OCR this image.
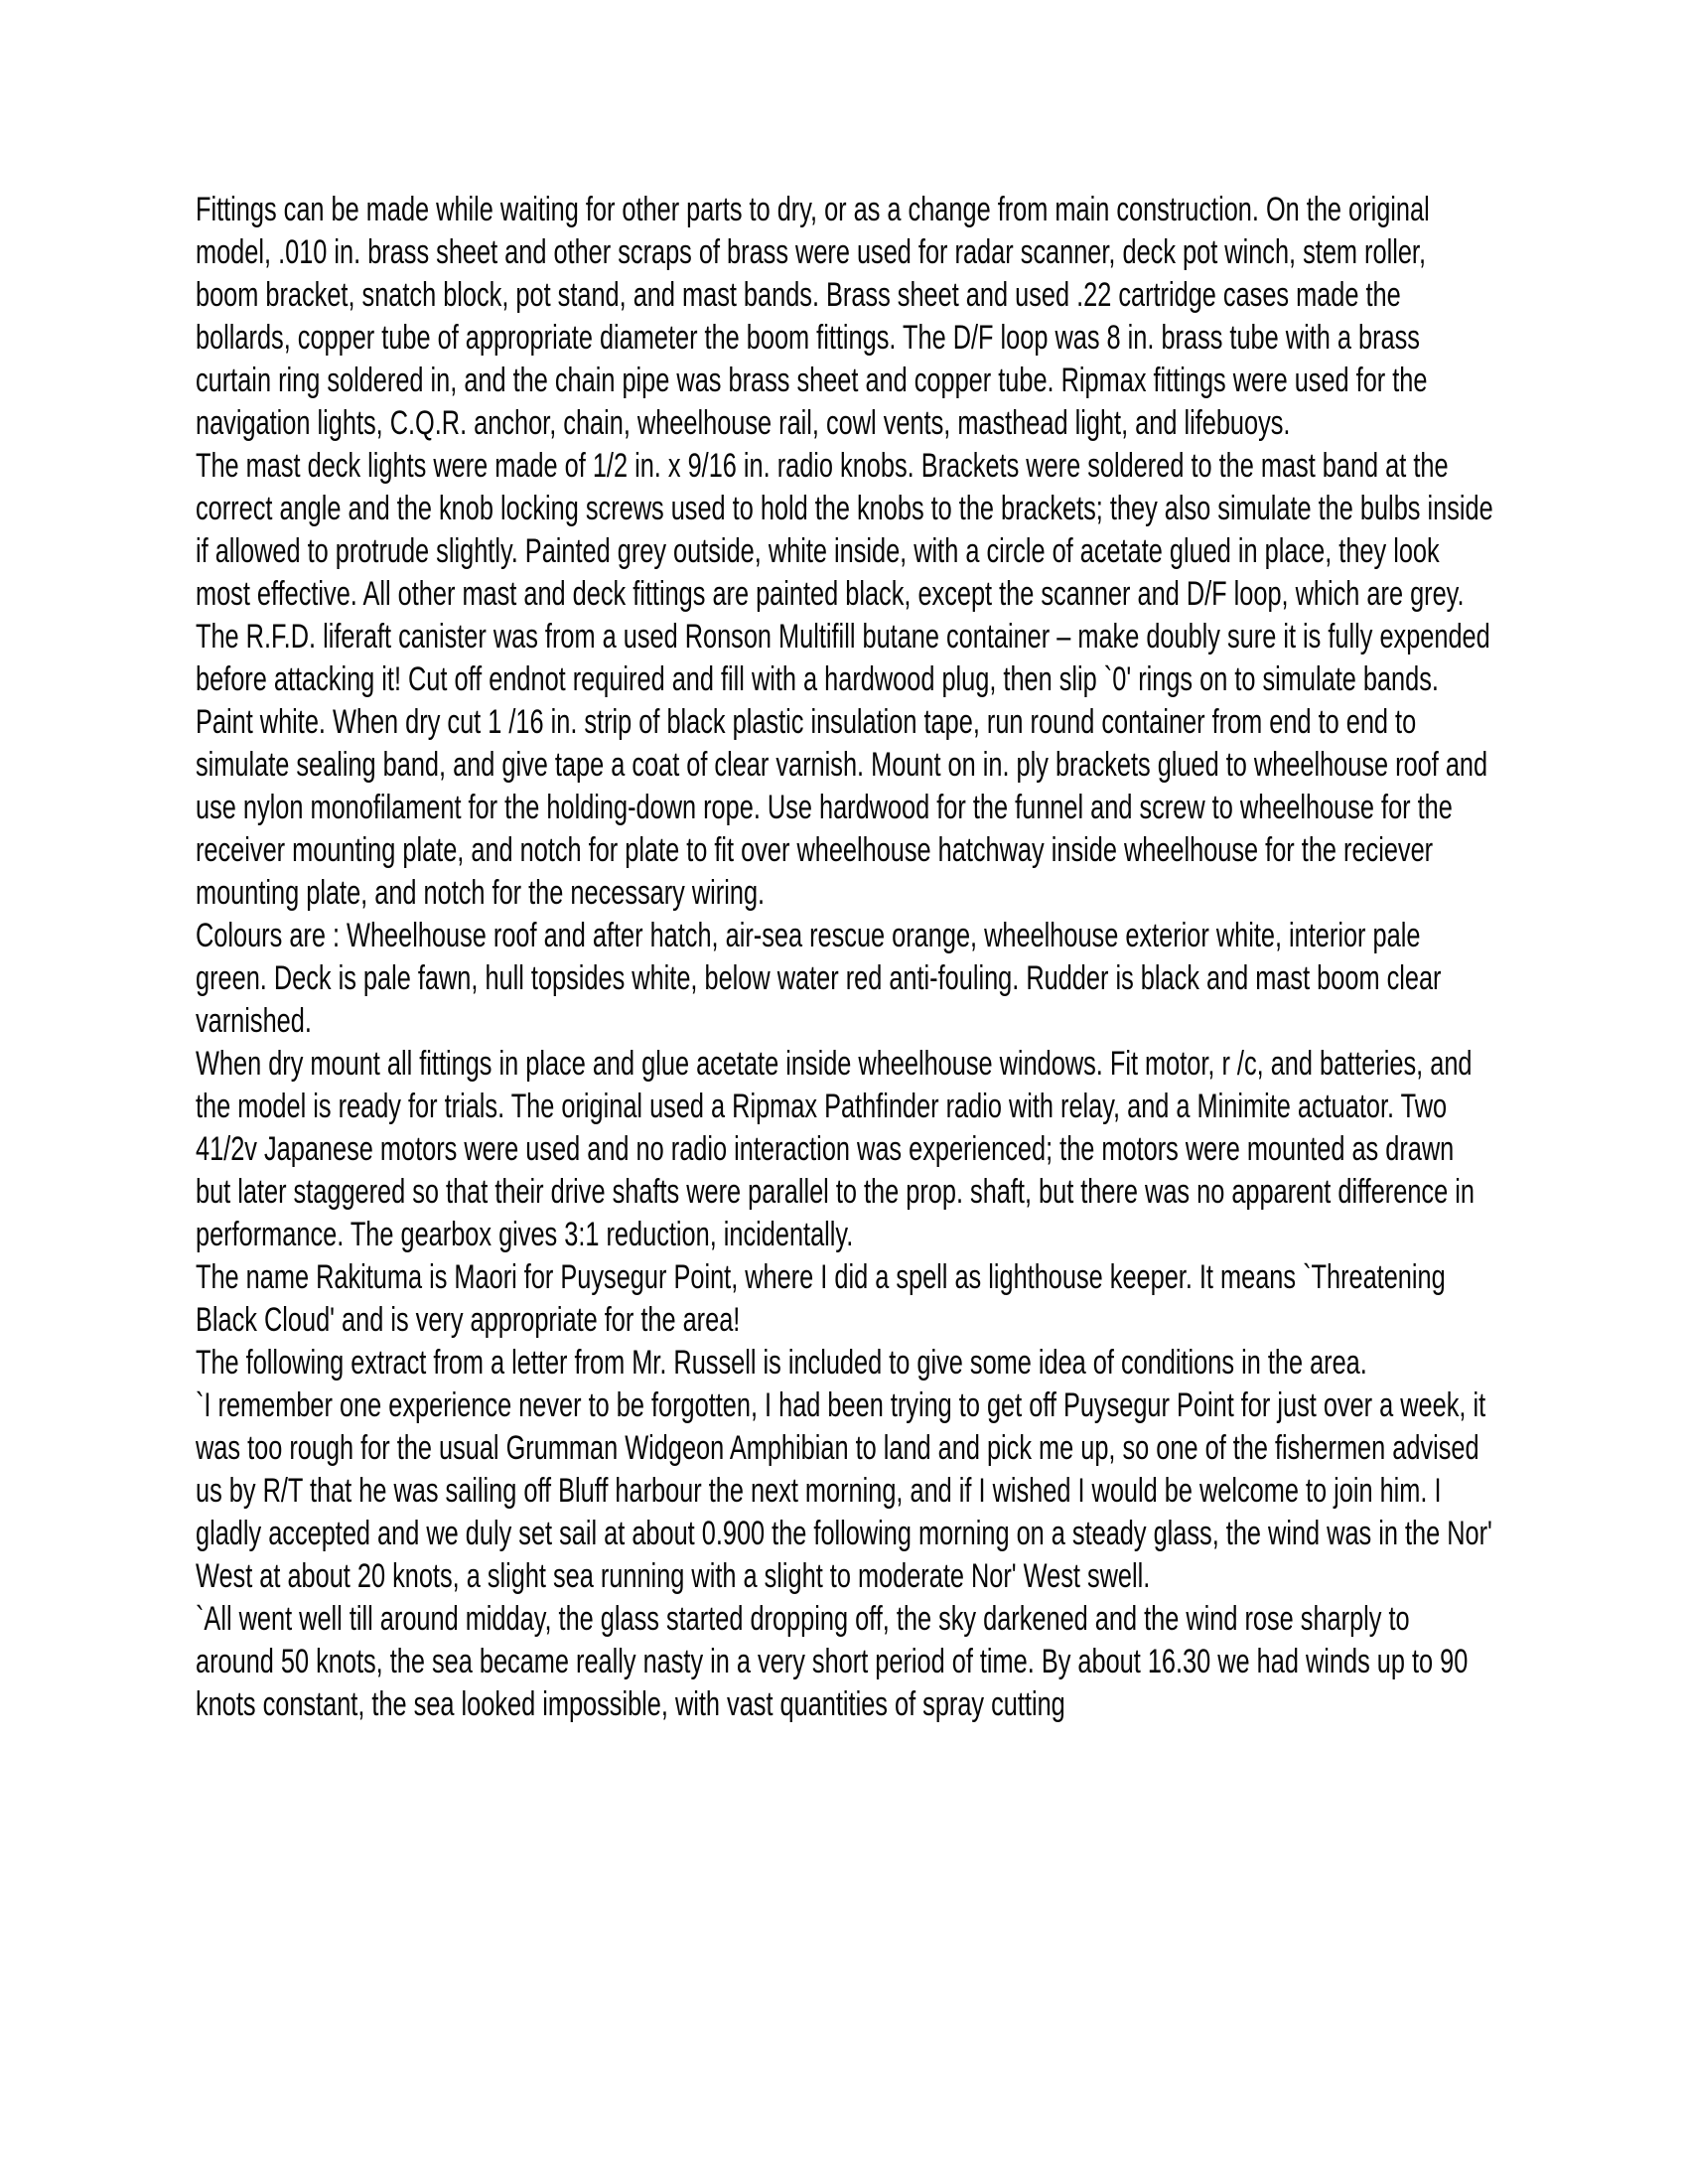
Fittings can be made while waiting for other parts to dry, or as a change from main construction. On the original model, .010 in. brass sheet and other scraps of brass were used for radar scanner, deck pot winch, stem roller, boom bracket, snatch block, pot stand, and mast bands. Brass sheet and used .22 cartridge cases made the bollards, copper tube of appropriate diameter the boom fittings. The D/F loop was 8 in. brass tube with a brass curtain ring soldered in, and the chain pipe was brass sheet and copper tube. Ripmax fittings were used for the navigation lights, C.Q.R. anchor, chain, wheelhouse rail, cowl vents, masthead light, and lifebuoys.

The mast deck lights were made of 1/2 in. x 9/16 in. radio knobs. Brackets were soldered to the mast band at the correct angle and the knob locking screws used to hold the knobs to the brackets; they also simulate the bulbs inside if allowed to protrude slightly. Painted grey outside, white inside, with a circle of acetate glued in place, they look most effective. All other mast and deck fittings are painted black, except the scanner and D/F loop, which are grey.

The R.F.D. liferaft canister was from a used Ronson Multifill butane container – make doubly sure it is fully expended before attacking it! Cut off endnot required and fill with a hardwood plug, then slip `0' rings on to simulate bands. Paint white. When dry cut 1 /16 in. strip of black plastic insulation tape, run round container from end to end to simulate sealing band, and give tape a coat of clear varnish. Mount on in. ply brackets glued to wheelhouse roof and use nylon monofilament for the holding-down rope. Use hardwood for the funnel and screw to wheelhouse for the receiver mounting plate, and notch for plate to fit over wheelhouse hatchway inside wheelhouse for the reciever mounting plate, and notch for the necessary wiring.

Colours are : Wheelhouse roof and after hatch, air-sea rescue orange, wheelhouse exterior white, interior pale green. Deck is pale fawn, hull topsides white, below water red anti-fouling. Rudder is black and mast boom clear varnished.

When dry mount all fittings in place and glue acetate inside wheelhouse windows. Fit motor, r /c, and batteries, and the model is ready for trials. The original used a Ripmax Pathfinder radio with relay, and a Minimite actuator. Two 41/2v Japanese motors were used and no radio interaction was experienced; the motors were mounted as drawn but later staggered so that their drive shafts were parallel to the prop. shaft, but there was no apparent difference in performance. The gearbox gives 3:1 reduction, incidentally.

The name Rakituma is Maori for Puysegur Point, where I did a spell as lighthouse keeper. It means `Threatening Black Cloud' and is very appropriate for the area!

The following extract from a letter from Mr. Russell is included to give some idea of conditions in the area.

`I remember one experience never to be forgotten, I had been trying to get off Puysegur Point for just over a week, it was too rough for the usual Grumman Widgeon Amphibian to land and pick me up, so one of the fishermen advised us by R/T that he was sailing off Bluff harbour the next morning, and if I wished I would be welcome to join him. I gladly accepted and we duly set sail at about 0.900 the following morning on a steady glass, the wind was in the Nor' West at about 20 knots, a slight sea running with a slight to moderate Nor' West swell.

`All went well till around midday, the glass started dropping off, the sky darkened and the wind rose sharply to around 50 knots, the sea became really nasty in a very short period of time. By about 16.30 we had winds up to 90 knots constant, the sea looked impossible, with vast quantities of spray cutting
